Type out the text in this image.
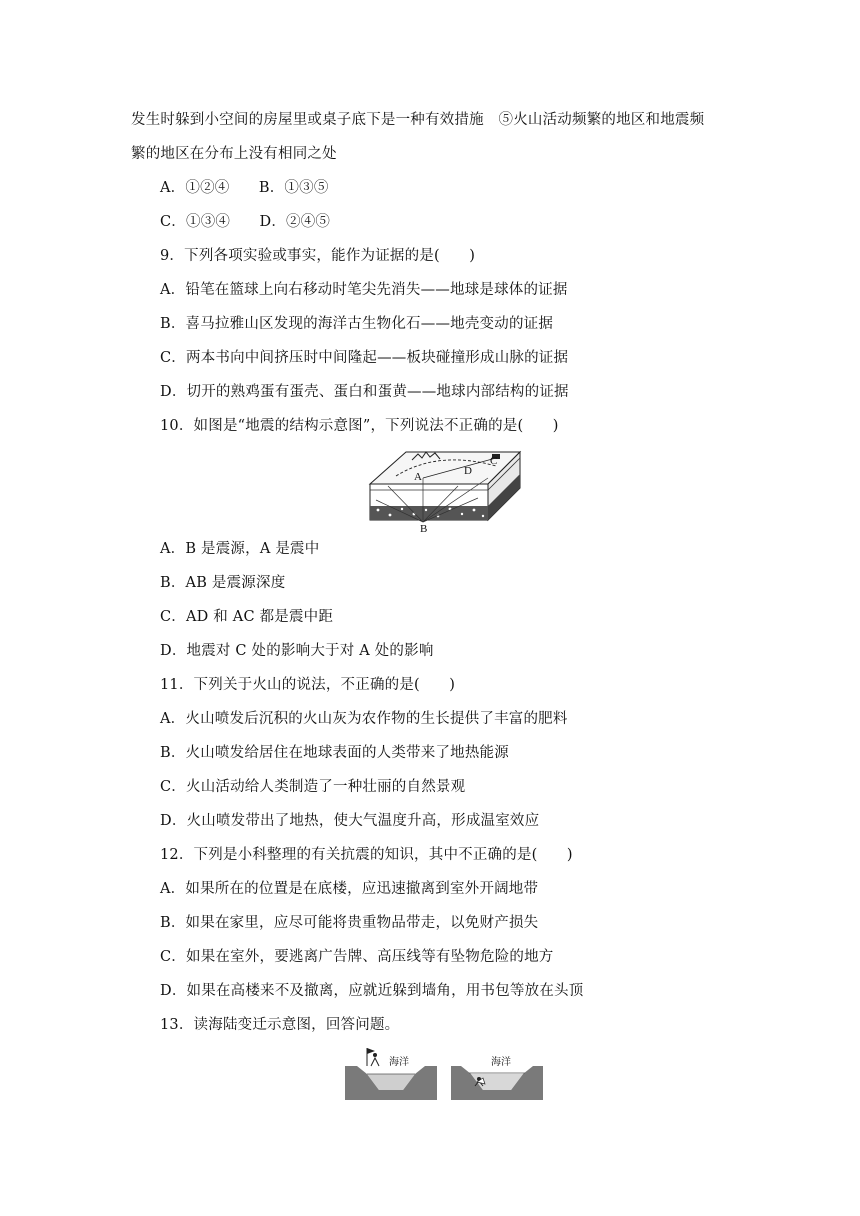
发生时躲到小空间的房屋里或桌子底下是一种有效措施　⑤火山活动频繁的地区和地震频
繁的地区在分布上没有相同之处
A．①②④　　B．①③⑤
C．①③④　　D．②④⑤
9．下列各项实验或事实，能作为证据的是(　　)
A．铅笔在篮球上向右移动时笔尖先消失——地球是球体的证据
B．喜马拉雅山区发现的海洋古生物化石——地壳变动的证据
C．两本书向中间挤压时中间隆起——板块碰撞形成山脉的证据
D．切开的熟鸡蛋有蛋壳、蛋白和蛋黄——地球内部结构的证据
10．如图是“地震的结构示意图”，下列说法不正确的是(　　)
A
B
C
D
A．B 是震源，A 是震中
B．AB 是震源深度
C．AD 和 AC 都是震中距
D．地震对 C 处的影响大于对 A 处的影响
11．下列关于火山的说法，不正确的是(　　)
A．火山喷发后沉积的火山灰为农作物的生长提供了丰富的肥料
B．火山喷发给居住在地球表面的人类带来了地热能源
C．火山活动给人类制造了一种壮丽的自然景观
D．火山喷发带出了地热，使大气温度升高，形成温室效应
12．下列是小科整理的有关抗震的知识，其中不正确的是(　　)
A．如果所在的位置是在底楼，应迅速撤离到室外开阔地带
B．如果在家里，应尽可能将贵重物品带走，以免财产损失
C．如果在室外，要逃离广告牌、高压线等有坠物危险的地方
D．如果在高楼来不及撤离，应就近躲到墙角，用书包等放在头顶
13．读海陆变迁示意图，回答问题。
海洋	海洋
